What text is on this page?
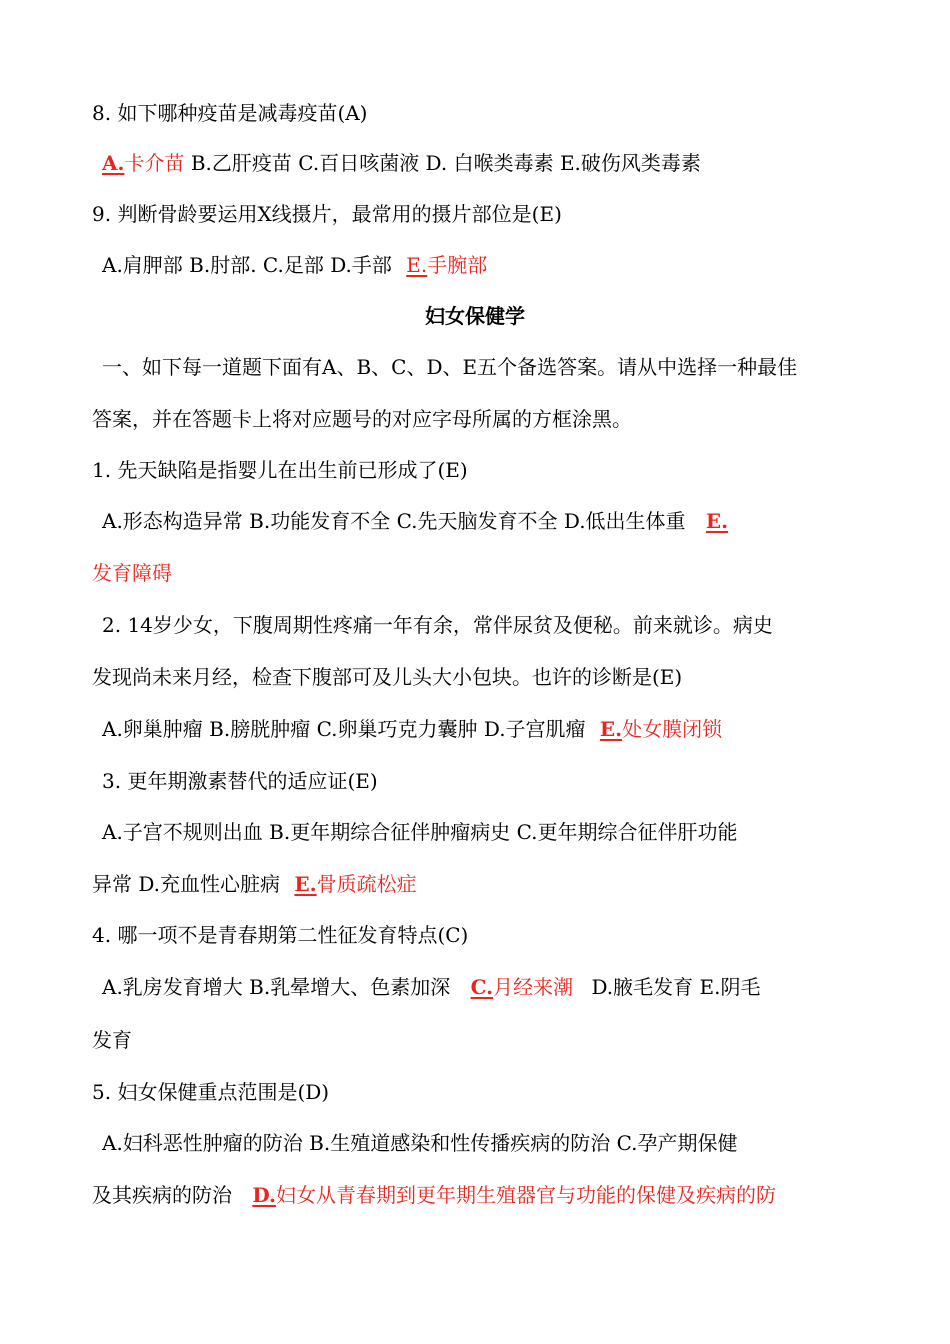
8. 如下哪种疫苗是减毒疫苗(A)
A.卡介苗 B.乙肝疫苗 C.百日咳菌液 D. 白喉类毒素 E.破伤风类毒素
9. 判断骨龄要运用X线摄片，最常用的摄片部位是(E)
A.肩胛部 B.肘部. C.足部 D.手部 E.手腕部
妇女保健学
一、如下每一道题下面有A、B、C、D、E五个备选答案。请从中选择一种最佳
答案，并在答题卡上将对应题号的对应字母所属的方框涂黑。
1. 先天缺陷是指婴儿在出生前已形成了(E)
A.形态构造异常 B.功能发育不全 C.先天脑发育不全 D.低出生体重 E.
发育障碍
2. 14岁少女，下腹周期性疼痛一年有余，常伴尿贫及便秘。前来就诊。病史
发现尚未来月经，检查下腹部可及儿头大小包块。也许的诊断是(E)
A.卵巢肿瘤 B.膀胱肿瘤 C.卵巢巧克力囊肿 D.子宫肌瘤 E.处女膜闭锁
3. 更年期激素替代的适应证(E)
A.子宫不规则出血 B.更年期综合征伴肿瘤病史 C.更年期综合征伴肝功能
异常 D.充血性心脏病 E.骨质疏松症
4. 哪一项不是青春期第二性征发育特点(C)
A.乳房发育增大 B.乳晕增大、色素加深 C.月经来潮 D.腋毛发育 E.阴毛
发育
5. 妇女保健重点范围是(D)
A.妇科恶性肿瘤的防治 B.生殖道感染和性传播疾病的防治 C.孕产期保健
及其疾病的防治 D.妇女从青春期到更年期生殖器官与功能的保健及疾病的防
